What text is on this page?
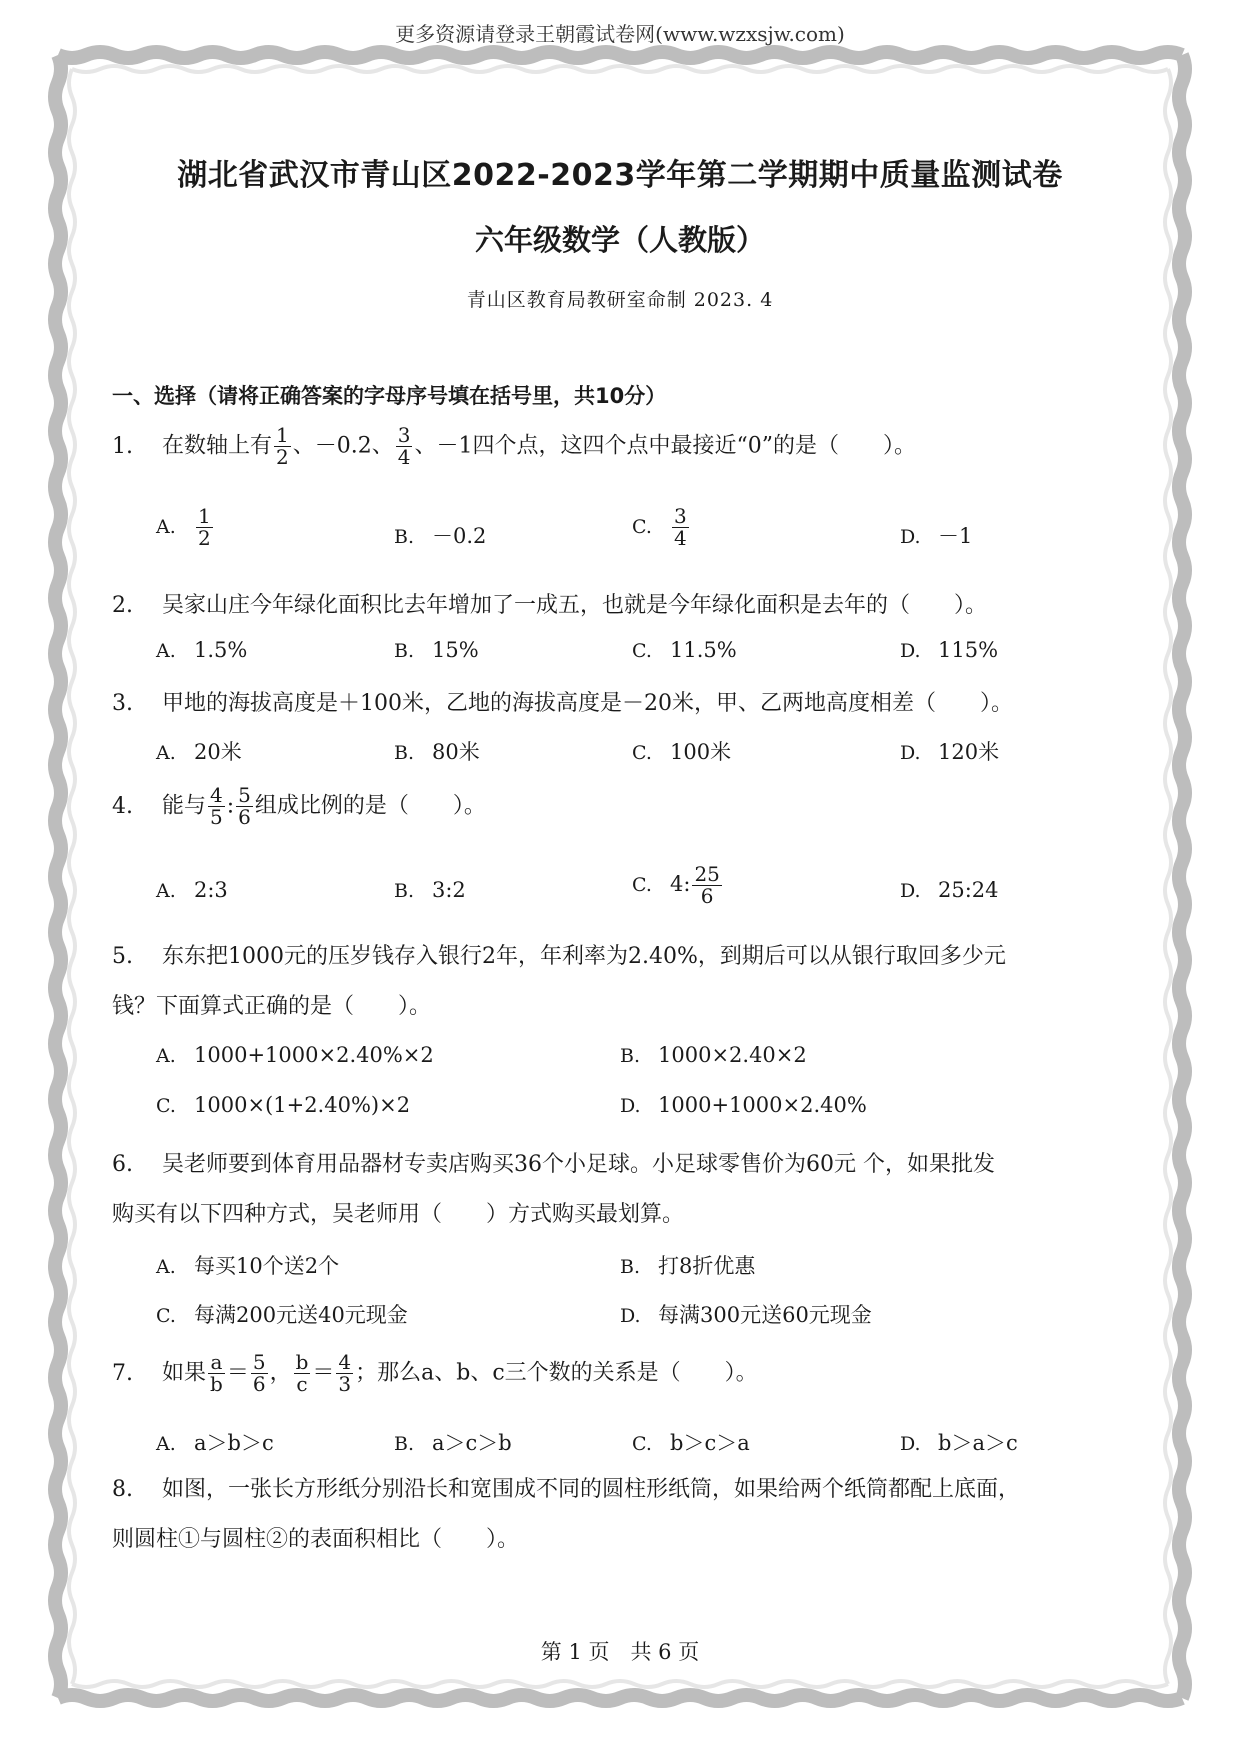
更多资源请登录王朝霞试卷网(www.wzxsjw.com)
湖北省武汉市青山区2022-2023学年第二学期期中质量监测试卷
六年级数学（人教版）
青山区教育局教研室命制 2023. 4
一、选择（请将正确答案的字母序号填在括号里，共10分）
1. 在数轴上有 $\frac{1}{2}$ 、－0.2、 $\frac{3}{4}$ 、－1四个点，这四个点中最接近“0”的是（　　）。
A. $\frac{1}{2}$	B. －0.2	C. $\frac{3}{4}$	D. －1
2. 吴家山庄今年绿化面积比去年增加了一成五，也就是今年绿化面积是去年的（　　）。
A. 1.5%	B. 15%	C. 11.5%	D. 115%
3. 甲地的海拔高度是＋100米，乙地的海拔高度是－20米，甲、乙两地高度相差（　　）。
A. 20米	B. 80米	C. 100米	D. 120米
4. 能与 $\frac{4}{5}$ : $\frac{5}{6}$ 组成比例的是（　　）。
A. 2:3	B. 3:2	C. 4: $\frac{25}{6}$	D. 25:24
5. 东东把1000元的压岁钱存入银行2年，年利率为2.40%，到期后可以从银行取回多少元
钱？下面算式正确的是（　　）。
A. 1000+1000×2.40%×2	B. 1000×2.40×2
C. 1000×(1+2.40%)×2	D. 1000+1000×2.40%
6. 吴老师要到体育用品器材专卖店购买36个小足球。小足球零售价为60元 个，如果批发
购买有以下四种方式，吴老师用（　　）方式购买最划算。
A. 每买10个送2个	B. 打8折优惠
C. 每满200元送40元现金	D. 每满300元送60元现金
7. 如果 $\frac{a}{b} = \frac{5}{6}$ ， $\frac{b}{c} = \frac{4}{3}$ ；那么a、b、c三个数的关系是（　　）。
A. a＞b＞c	B. a＞c＞b	C. b＞c＞a	D. b＞a＞c
8. 如图，一张长方形纸分别沿长和宽围成不同的圆柱形纸筒，如果给两个纸筒都配上底面，
则圆柱①与圆柱②的表面积相比（　　）。
第 1 页　共 6 页
